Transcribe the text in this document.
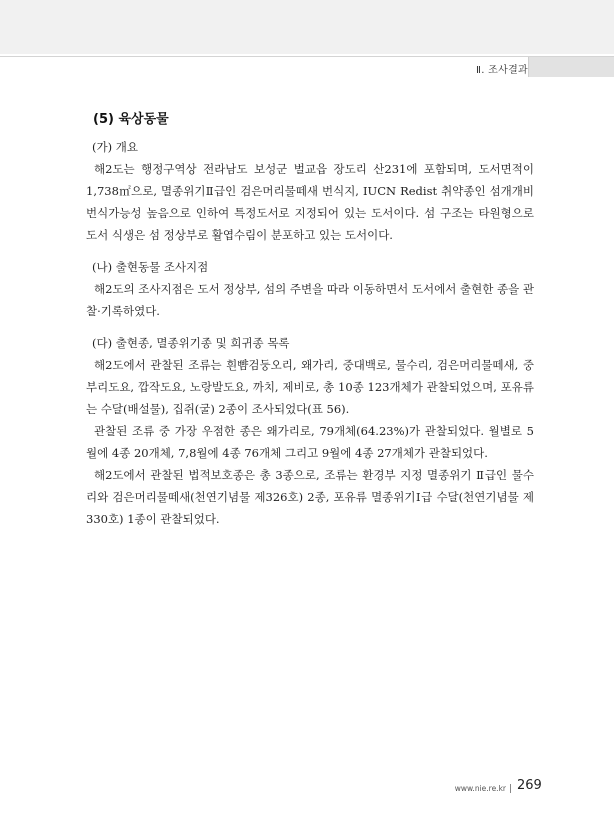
Ⅱ. 조사결과
(5) 육상동물
(가) 개요

해2도는 행정구역상 전라남도 보성군 벌교읍 장도리 산231에 포함되며, 도서면적이 1,738㎡으로, 멸종위기Ⅱ급인 검은머리물떼새 번식지, IUCN Redist 취약종인 섬개개비 번식가능성 높음으로 인하여 특정도서로 지정되어 있는 도서이다. 섬 구조는 타원형으로 도서 식생은 섬 정상부로 활엽수림이 분포하고 있는 도서이다.

(나) 출현동물 조사지점

해2도의 조사지점은 도서 정상부, 섬의 주변을 따라 이동하면서 도서에서 출현한 종을 관찰·기록하였다.

(다) 출현종, 멸종위기종 및 희귀종 목록

해2도에서 관찰된 조류는 흰뺨검둥오리, 왜가리, 중대백로, 물수리, 검은머리물떼새, 중부리도요, 깝작도요, 노랑발도요, 까치, 제비로, 총 10종 123개체가 관찰되었으며, 포유류는 수달(배설물), 집쥐(굴) 2종이 조사되었다(표 56).

관찰된 조류 중 가장 우점한 종은 왜가리로, 79개체(64.23%)가 관찰되었다. 월별로 5월에 4종 20개체, 7,8월에 4종 76개체 그리고 9월에 4종 27개체가 관찰되었다.

해2도에서 관찰된 법적보호종은 총 3종으로, 조류는 환경부 지정 멸종위기 Ⅱ급인 물수리와 검은머리물떼새(천연기념물 제326호) 2종, 포유류 멸종위기Ⅰ급 수달(천연기념물 제330호) 1종이 관찰되었다.

www.nie.re.kr 269
